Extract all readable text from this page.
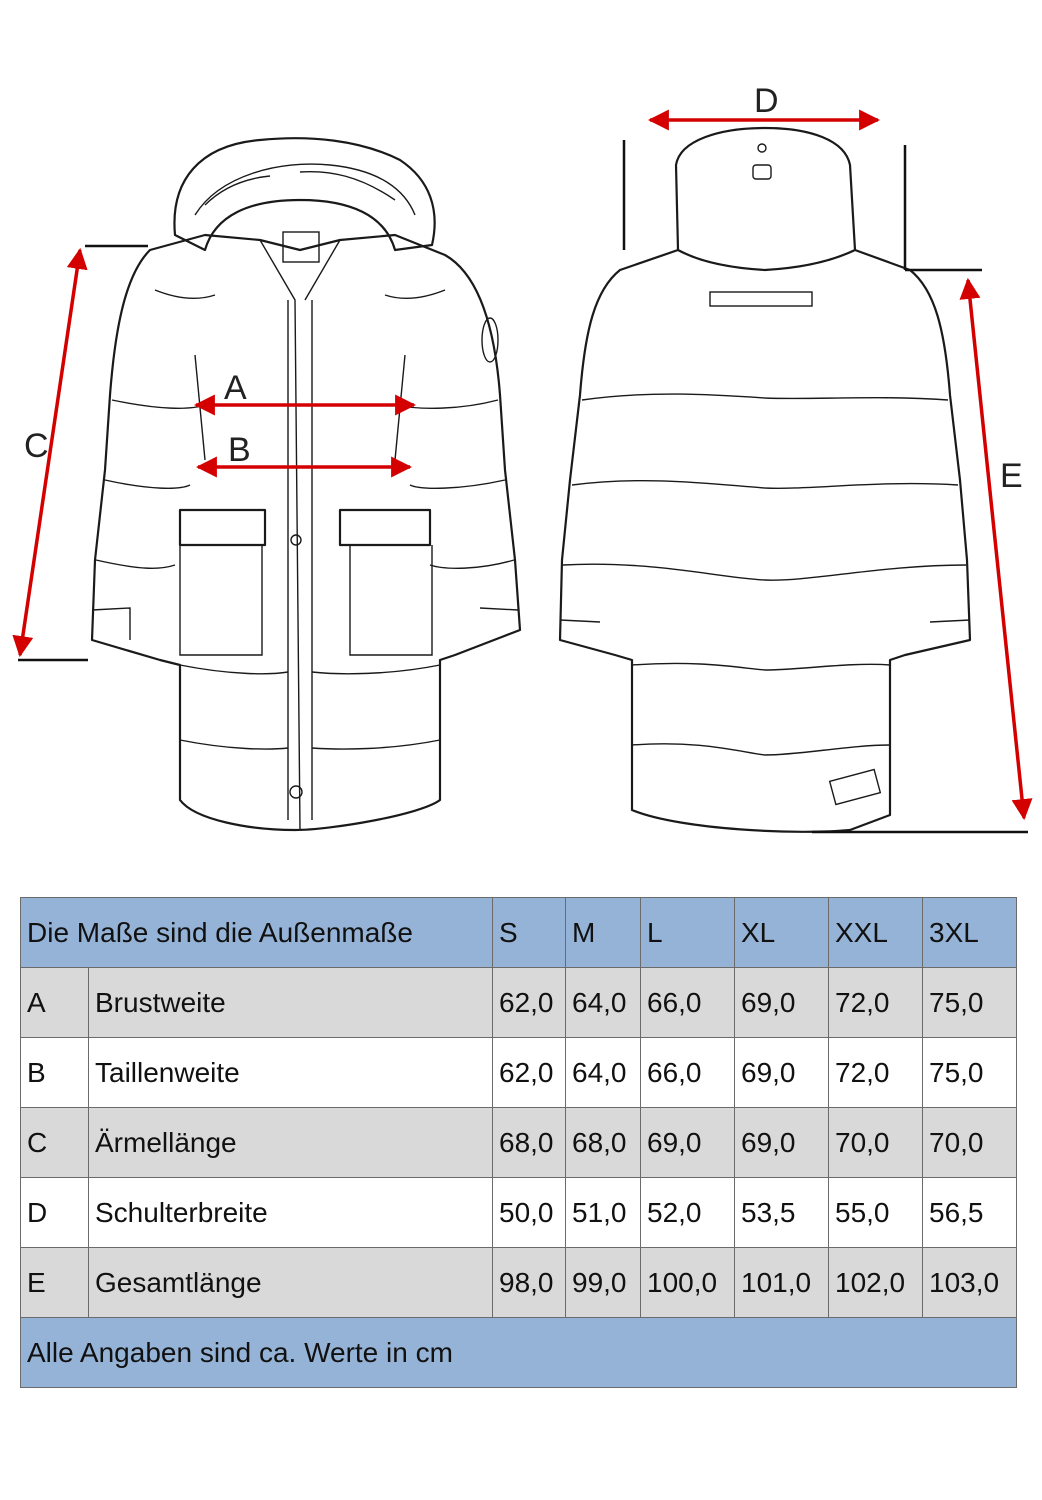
A
B
C
D
E
Die Maße sind die Außenmaße		S	M	L	XL	XXL	3XL
A	Brustweite	62,0	64,0	66,0	69,0	72,0	75,0
B	Taillenweite	62,0	64,0	66,0	69,0	72,0	75,0
C	Ärmellänge	68,0	68,0	69,0	69,0	70,0	70,0
D	Schulterbreite	50,0	51,0	52,0	53,5	55,0	56,5
E	Gesamtlänge	98,0	99,0	100,0	101,0	102,0	103,0
Alle Angaben sind ca. Werte in cm							
